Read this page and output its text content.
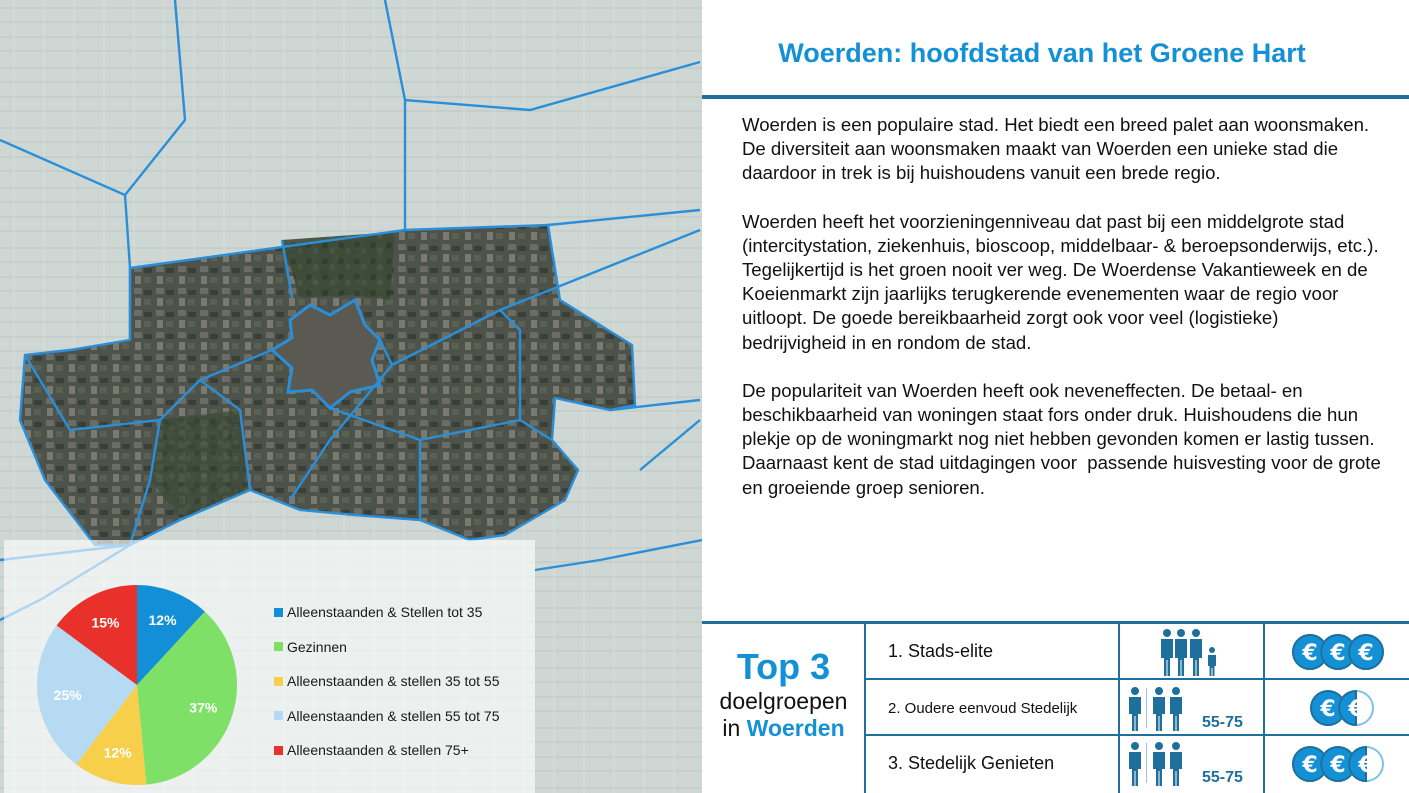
12%
37%
12%
25%
15%
Alleenstaanden & Stellen tot 35
Gezinnen
Alleenstaanden & stellen 35 tot 55
Alleenstaanden & stellen 55 tot 75
Alleenstaanden & stellen 75+
Woerden: hoofdstad van het Groene Hart

Woerden is een populaire stad. Het biedt een breed palet aan woonsmaken. De diversiteit aan woonsmaken maakt van Woerden een unieke stad die daardoor in trek is bij huishoudens vanuit een brede regio.

Woerden heeft het voorzieningenniveau dat past bij een middelgrote stad (intercitystation, ziekenhuis, bioscoop, middelbaar- & beroepsonderwijs, etc.). Tegelijkertijd is het groen nooit ver weg. De Woerdense Vakantieweek en de Koeienmarkt zijn jaarlijks terugkerende evenementen waar de regio voor uitloopt. De goede bereikbaarheid zorgt ook voor veel (logistieke) bedrijvigheid in en rondom de stad.

De populariteit van Woerden heeft ook neveneffecten. De betaal- en beschikbaarheid van woningen staat fors onder druk. Huishoudens die hun plekje op de woningmarkt nog niet hebben gevonden komen er lastig tussen. Daarnaast kent de stad uitdagingen voor  passende huisvesting voor de grote en groeiende groep senioren.

Top 3
doelgroepen
in Woerden
1. Stads-elite
2. Oudere eenvoud Stedelijk
3. Stedelijk Genieten
55-75
55-75
€ € €
€ €
€ € €
